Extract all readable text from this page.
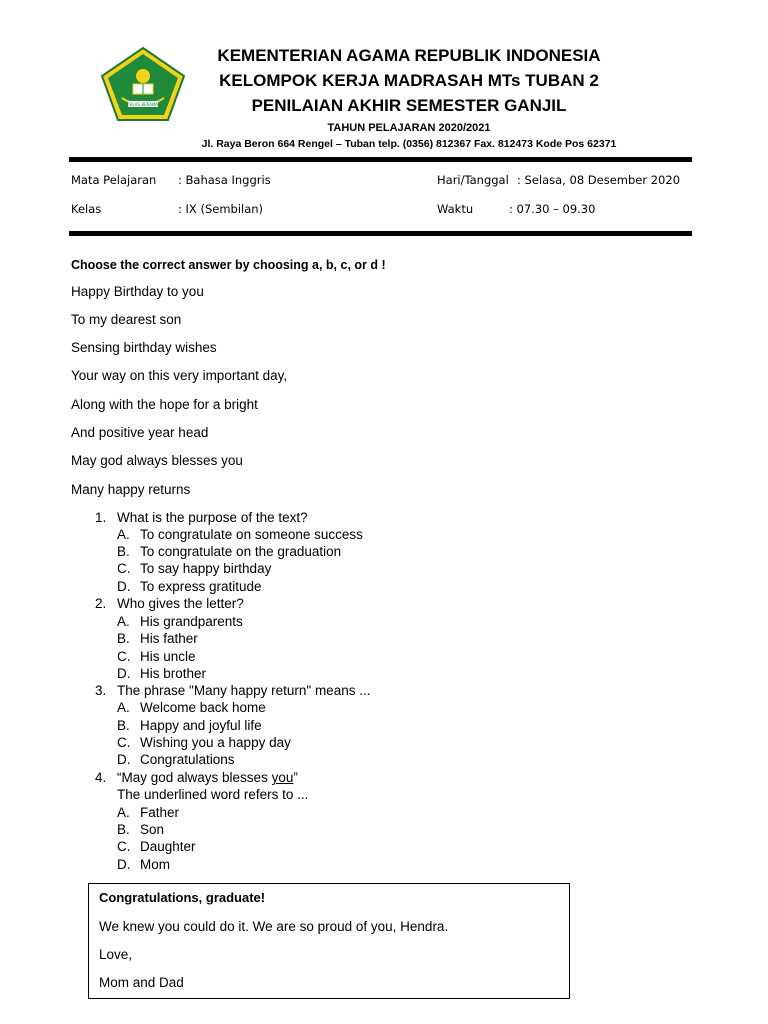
IKHLAS BERAMAL
KEMENTERIAN AGAMA REPUBLIK INDONESIA
KELOMPOK KERJA MADRASAH MTs TUBAN 2
PENILAIAN AKHIR SEMESTER GANJIL
TAHUN PELAJARAN 2020/2021
Jl. Raya Beron 664 Rengel – Tuban telp. (0356) 812367 Fax. 812473 Kode Pos 62371
Mata Pelajaran : Bahasa Inggris	Hari/Tanggal : Selasa, 08 Desember 2020
Kelas	: IX (Sembilan)	Waktu	: 07.30 – 09.30
Choose the correct answer by choosing a, b, c, or d !
Happy Birthday to you
To my dearest son
Sensing birthday wishes
Your way on this very important day,
Along with the hope for a bright
And positive year head
May god always blesses you
Many happy returns
1. What is the purpose of the text?
A. To congratulate on someone success
B. To congratulate on the graduation
C. To say happy birthday
D. To express gratitude
2. Who gives the letter?
A. His grandparents
B. His father
C. His uncle
D. His brother
3. The phrase "Many happy return" means ...
A. Welcome back home
B. Happy and joyful life
C. Wishing you a happy day
D. Congratulations
4. “May god always blesses you”
The underlined word refers to ...
A. Father
B. Son
C. Daughter
D. Mom
Congratulations, graduate!
We knew you could do it. We are so proud of you, Hendra.
Love,
Mom and Dad
